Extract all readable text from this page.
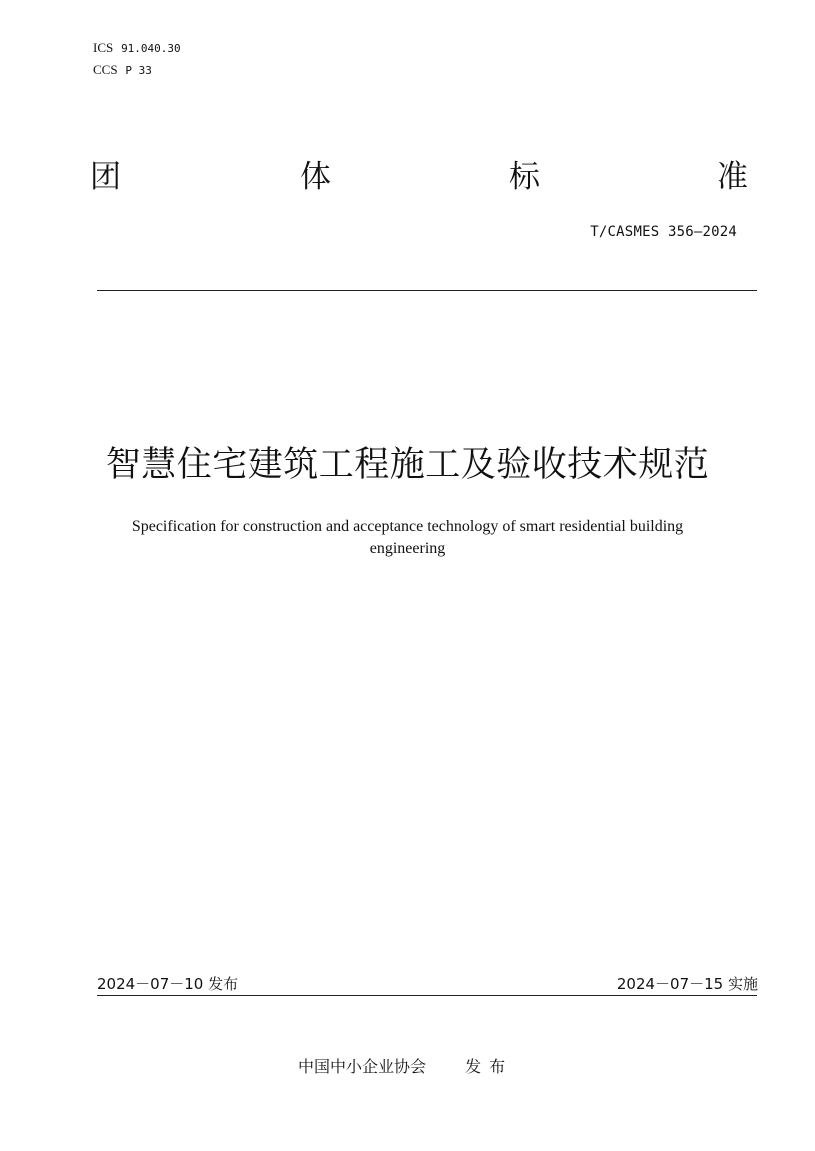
ICS 91.040.30
CCS P 33
团	体	标	准
T/CASMES 356—2024
智慧住宅建筑工程施工及验收技术规范
Specification for construction and acceptance technology of smart residential building engineering
2024－07－10 发布	2024－07－15 实施
中国中小企业协会 发布
